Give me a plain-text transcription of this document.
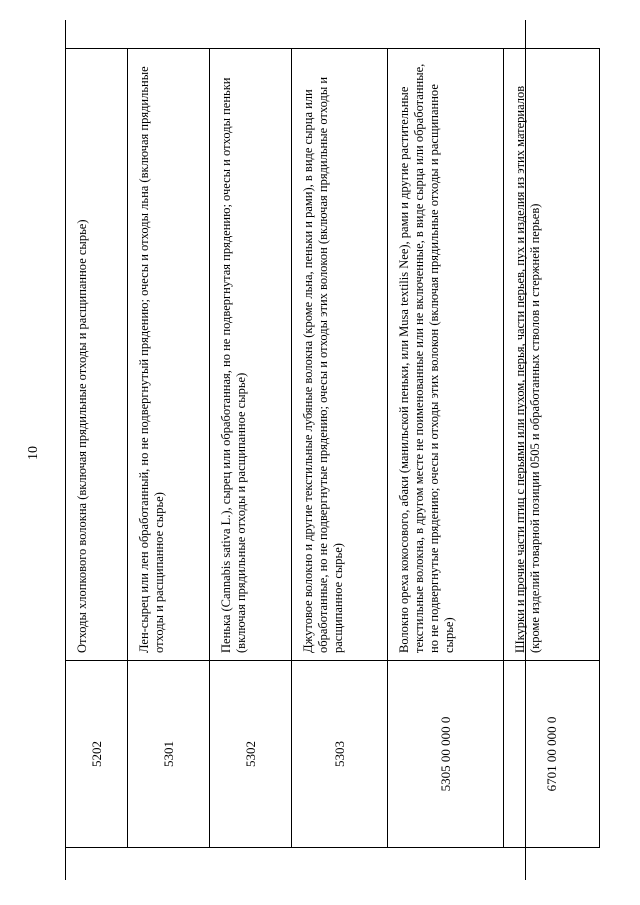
10
5202	Отходы хлопкового волокна (включая прядильные отходы и расщипанное сырье)
5301	Лен-сырец или лен обработанный, но не подвергнутый прядению; очесы и отходы льна (включая прядильные отходы и расщипанное сырье)
5302	Пенька (Cannabis sativa L.), сырец или обработанная, но не подвергнутая прядению; очесы и отходы пеньки (включая прядильные отходы и расщипанное сырье)
5303	Джутовое волокно и другие текстильные лубяные волокна (кроме льна, пеньки и рами), в виде сырца или обработанные, но не подвергнутые прядению; очесы и отходы этих волокон (включая прядильные отходы и расщипанное сырье)
5305 00 000 0	Волокно ореха кокосового, абаки (манильской пеньки, или Musa textilis Nee), рами и другие растительные текстильные волокна, в другом месте не поименованные или не включенные, в виде сырца или обработанные, но не подвергнутые прядению; очесы и отходы этих волокон (включая прядильные отходы и расщипанное сырье)
6701 00 000 0	Шкурки и прочие части птиц с перьями или пухом, перья, части перьев, пух и изделия из этих материалов (кроме изделий товарной позиции 0505 и обработанных стволов и стержней перьев)
